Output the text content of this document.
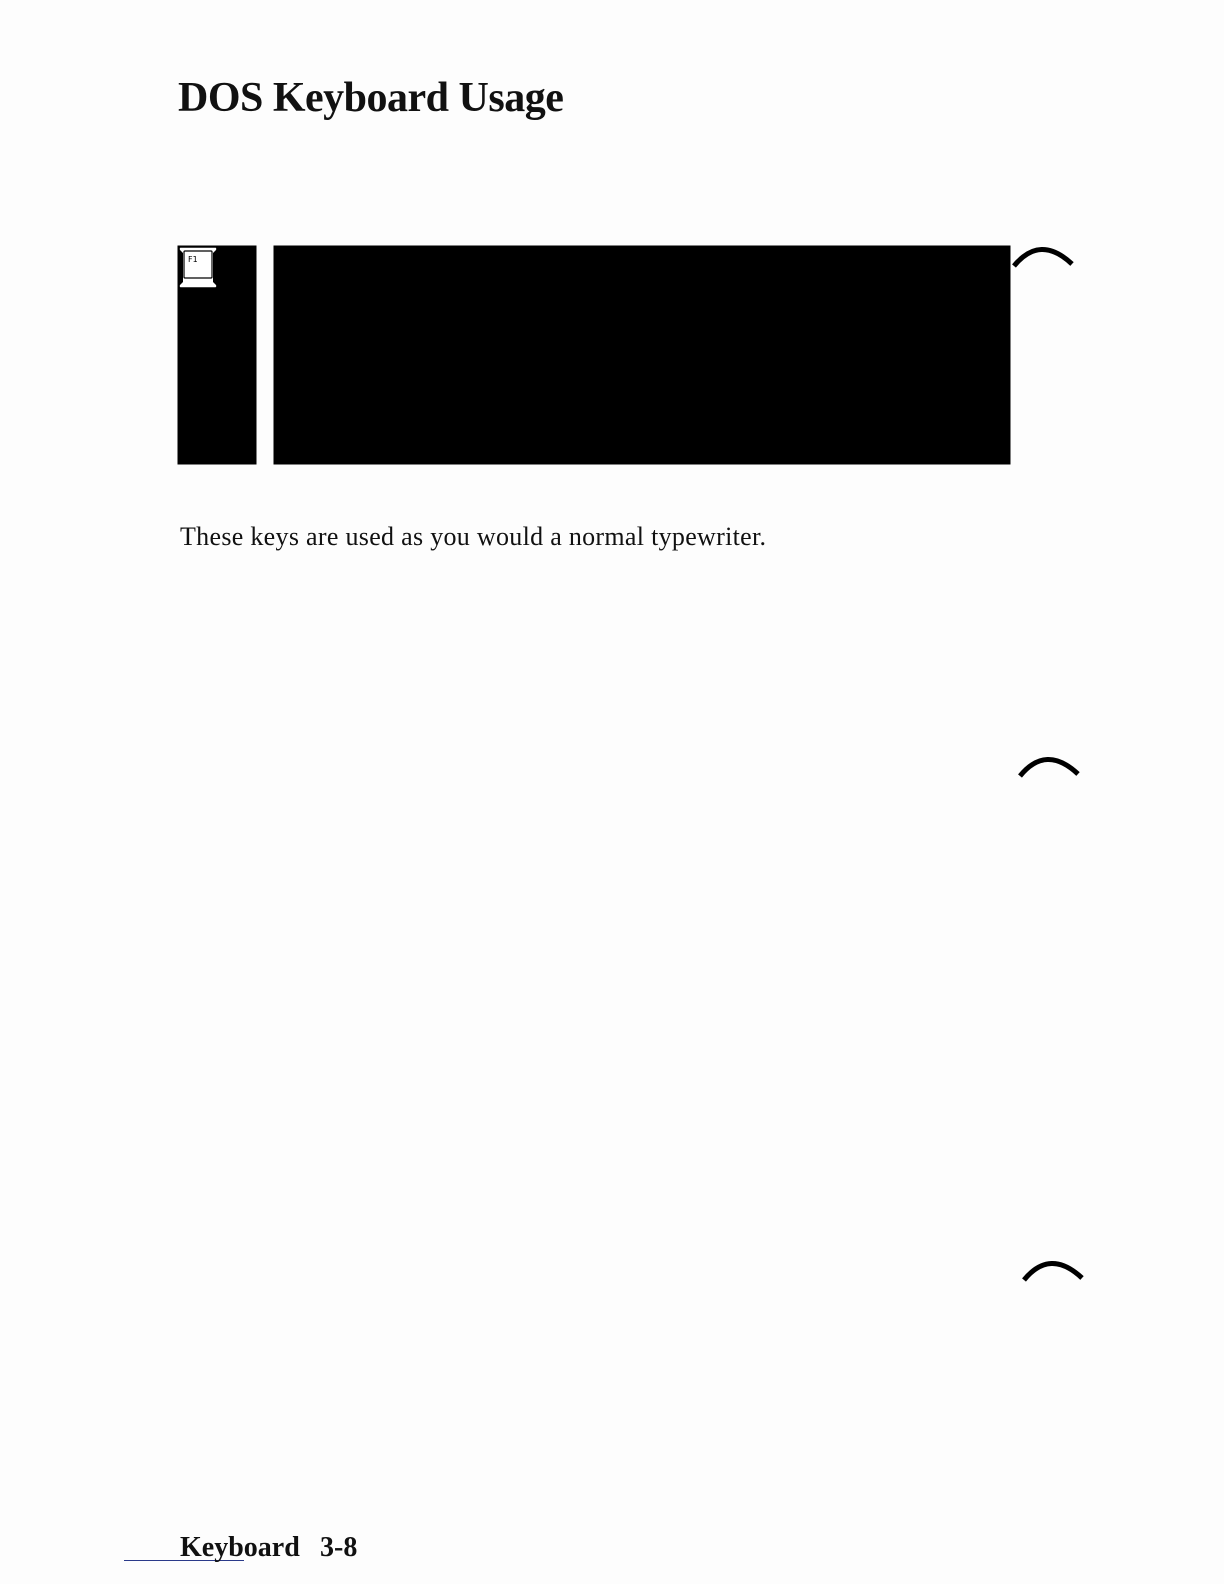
DOS Keyboard Usage
F1

These keys are used as you would a normal typewriter.

Keyboard 3-8
